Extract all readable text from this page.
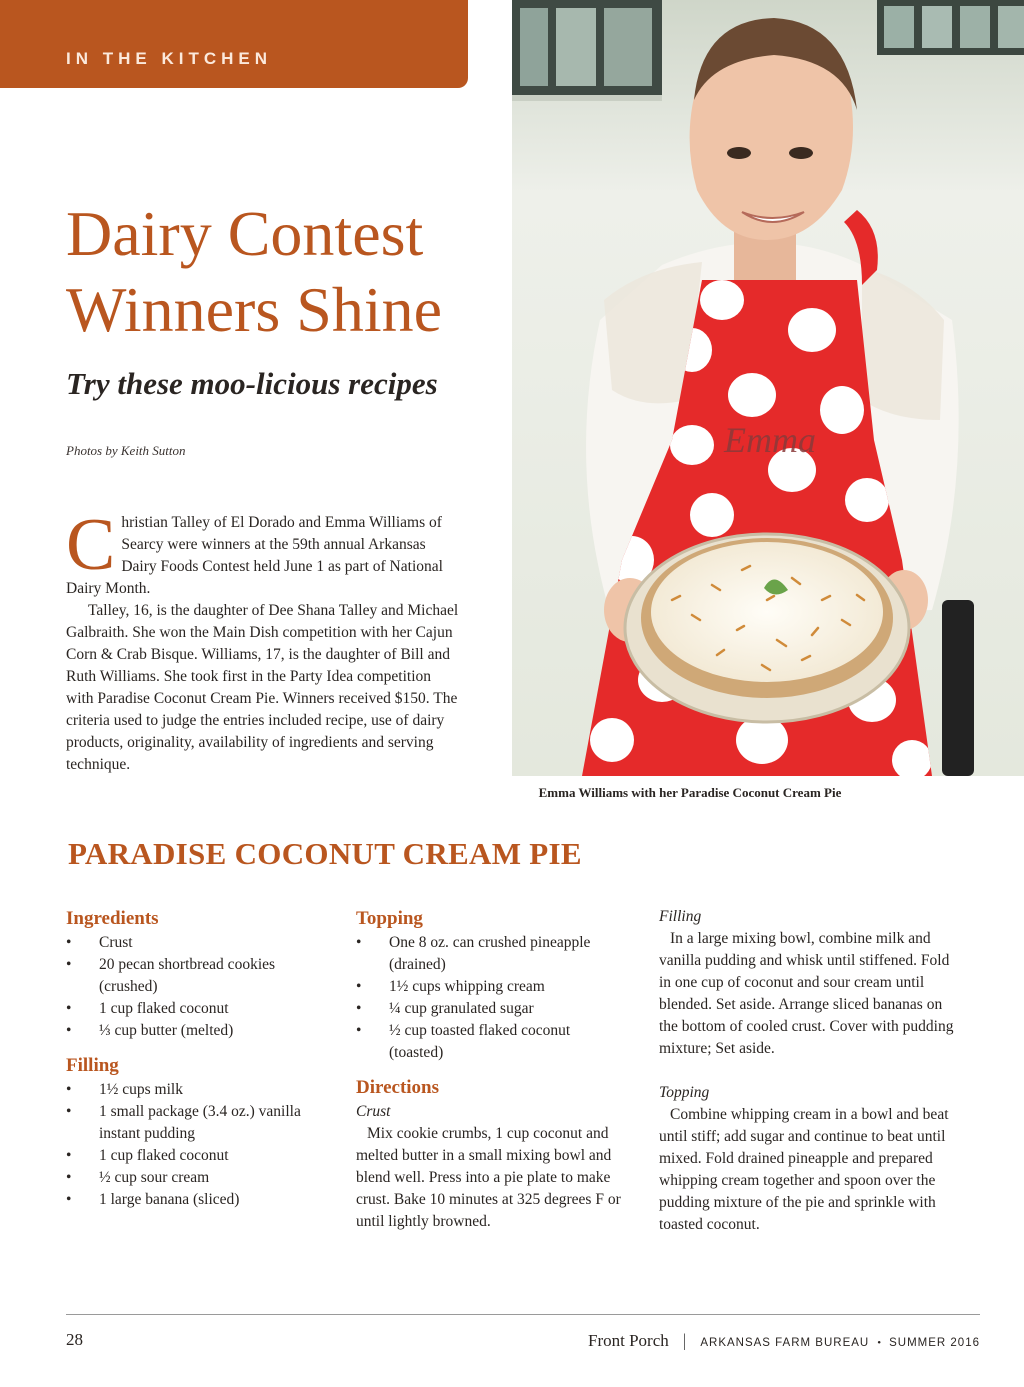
IN THE KITCHEN
Dairy Contest Winners Shine
Try these moo-licious recipes
Photos by Keith Sutton

Christian Talley of El Dorado and Emma Williams of Searcy were winners at the 59th annual Arkansas Dairy Foods Contest held June 1 as part of National Dairy Month.

Talley, 16, is the daughter of Dee Shana Talley and Michael Galbraith. She won the Main Dish competition with her Cajun Corn & Crab Bisque. Williams, 17, is the daughter of Bill and Ruth Williams. She took first in the Party Idea competition with Paradise Coconut Cream Pie. Winners received $150. The criteria used to judge the entries included recipe, use of dairy products, originality, availability of ingredients and serving technique.

Emma
Emma Williams with her Paradise Coconut Cream Pie
PARADISE COCONUT CREAM PIE
Ingredients
• Crust
• 20 pecan shortbread cookies (crushed)
• 1 cup flaked coconut
• ⅓ cup butter (melted)
Filling
• 1½ cups milk
• 1 small package (3.4 oz.) vanilla instant pudding
• 1 cup flaked coconut
• ½ cup sour cream
• 1 large banana (sliced)
Topping
• One 8 oz. can crushed pineapple (drained)
• 1½ cups whipping cream
• ¼ cup granulated sugar
• ½ cup toasted flaked coconut (toasted)
Directions

Crust

Mix cookie crumbs, 1 cup coconut and melted butter in a small mixing bowl and blend well. Press into a pie plate to make crust. Bake 10 minutes at 325 degrees F or until lightly browned.

Filling

In a large mixing bowl, combine milk and vanilla pudding and whisk until stiffened. Fold in one cup of coconut and sour cream until blended. Set aside. Arrange sliced bananas on the bottom of cooled crust. Cover with pudding mixture; Set aside.

Topping

Combine whipping cream in a bowl and beat until stiff; add sugar and continue to beat until mixed. Fold drained pineapple and prepared whipping cream together and spoon over the pudding mixture of the pie and sprinkle with toasted coconut.

28	Front Porch | ARKANSAS FARM BUREAU • SUMMER 2016
